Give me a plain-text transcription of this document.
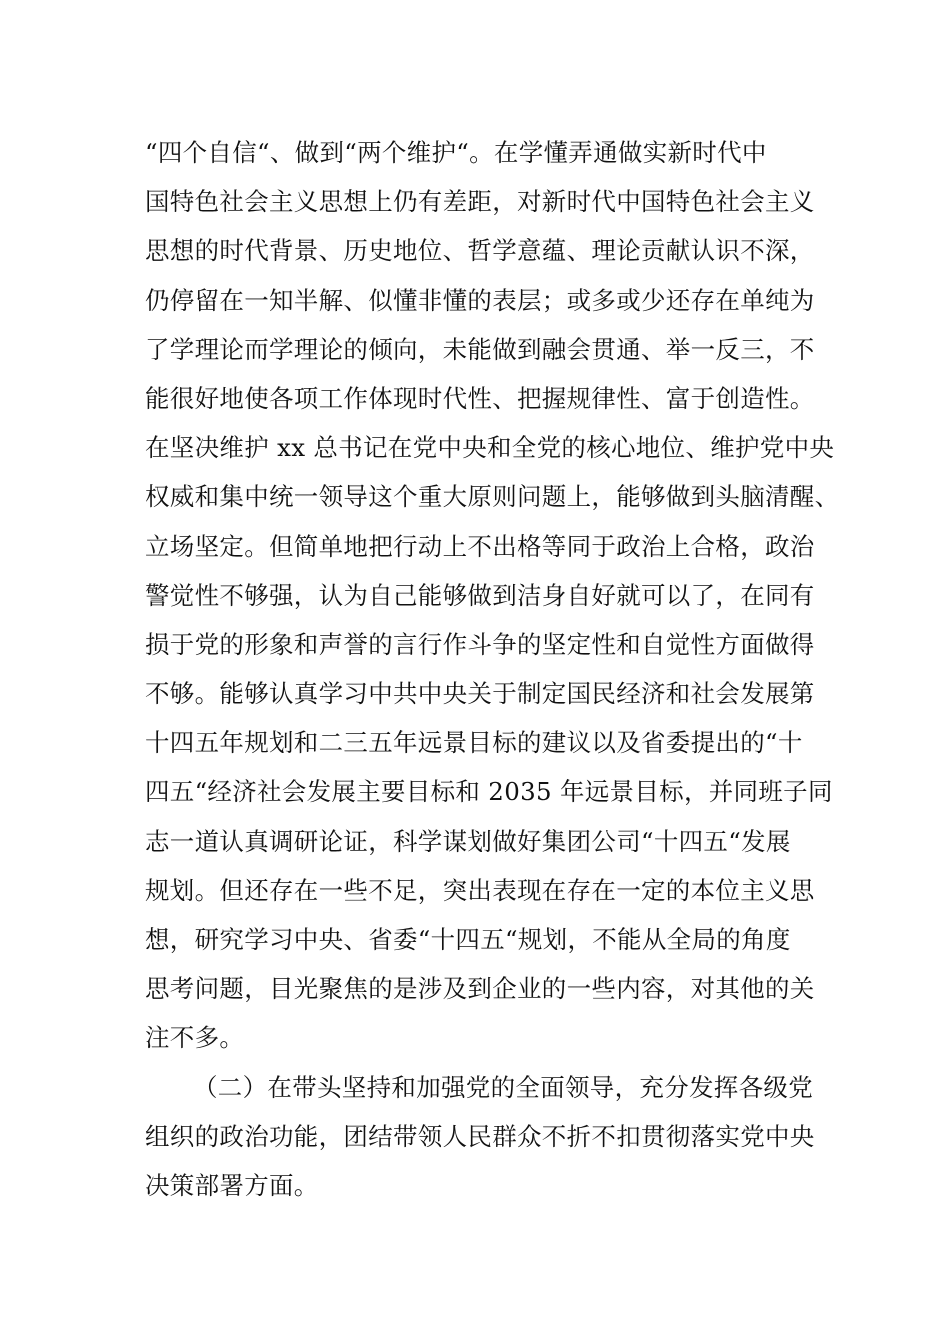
“四个自信“、做到“两个维护“。在学懂弄通做实新时代中
国特色社会主义思想上仍有差距，对新时代中国特色社会主义
思想的时代背景、历史地位、哲学意蕴、理论贡献认识不深，
仍停留在一知半解、似懂非懂的表层；或多或少还存在单纯为
了学理论而学理论的倾向，未能做到融会贯通、举一反三，不
能很好地使各项工作体现时代性、把握规律性、富于创造性。
在坚决维护 xx 总书记在党中央和全党的核心地位、维护党中央
权威和集中统一领导这个重大原则问题上，能够做到头脑清醒、
立场坚定。但简单地把行动上不出格等同于政治上合格，政治
警觉性不够强，认为自己能够做到洁身自好就可以了，在同有
损于党的形象和声誉的言行作斗争的坚定性和自觉性方面做得
不够。能够认真学习中共中央关于制定国民经济和社会发展第
十四五年规划和二三五年远景目标的建议以及省委提出的“十
四五“经济社会发展主要目标和 2035 年远景目标，并同班子同
志一道认真调研论证，科学谋划做好集团公司“十四五“发展
规划。但还存在一些不足，突出表现在存在一定的本位主义思
想，研究学习中央、省委“十四五“规划，不能从全局的角度
思考问题，目光聚焦的是涉及到企业的一些内容，对其他的关
注不多。
（二）在带头坚持和加强党的全面领导，充分发挥各级党
组织的政治功能，团结带领人民群众不折不扣贯彻落实党中央
决策部署方面。
